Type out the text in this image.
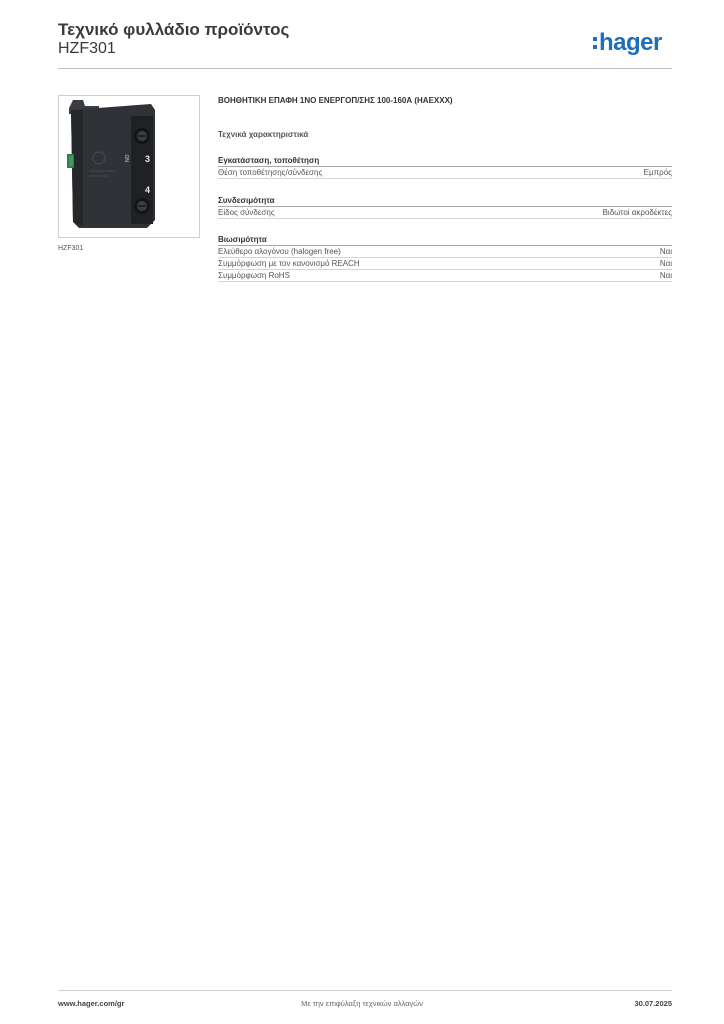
Τεχνικό φυλλάδιο προϊόντος
HZF301	hager
NO 3
4
HZF301
ΒΟΗΘΗΤΙΚΗ ΕΠΑΦΗ 1ΝΟ ΕΝΕΡΓΟΠ/ΣΗΣ 100-160Α (HAEXXX)
Τεχνικά χαρακτηριστικά
Εγκατάσταση, τοποθέτηση
Θέση τοποθέτησης/σύνδεσης	Εμπρός
Συνδεσιμότητα
Είδος σύνδεσης	Βιδωτοί ακροδέκτες
Βιωσιμότητα
Ελεύθερο αλογόνου (halogen free)	Ναι
Συμμόρφωση με τον κανονισμό REACH	Ναι
Συμμόρφωση RoHS	Ναι
www.hager.com/gr	Με την επιφύλαξη τεχνικών αλλαγών	30.07.2025
